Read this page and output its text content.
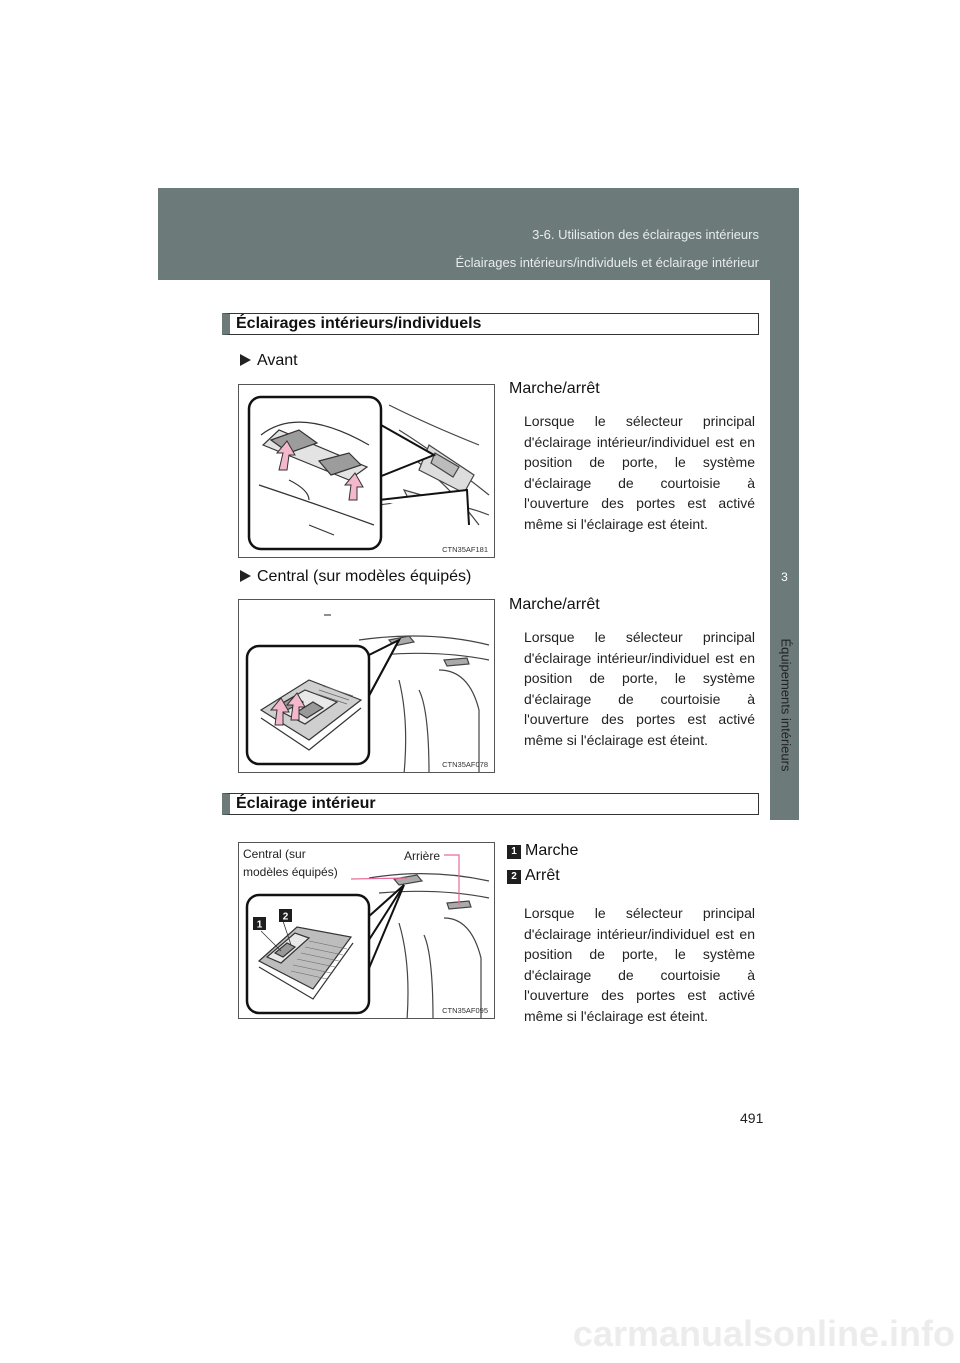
3-6. Utilisation des éclairages intérieurs
Éclairages intérieurs/individuels et éclairage intérieur
3
Équipements intérieurs
Éclairages intérieurs/individuels
Avant
Marche/arrêt
Lorsque le sélecteur principal d'éclairage intérieur/individuel est en position de porte, le système d'éclairage de courtoisie à l'ouverture des portes est activé même si l'éclairage est éteint.
CTN35AF181
Central (sur modèles équipés)
Marche/arrêt
Lorsque le sélecteur principal d'éclairage intérieur/individuel est en position de porte, le système d'éclairage de courtoisie à l'ouverture des portes est activé même si l'éclairage est éteint.
CTN35AF078
Éclairage intérieur
1 Marche
2 Arrêt
Lorsque le sélecteur principal d'éclairage intérieur/individuel est en position de porte, le système d'éclairage de courtoisie à l'ouverture des portes est activé même si l'éclairage est éteint.
1
2
Central (sur
modèles équipés)
Arrière
CTN35AF095
491
carmanualsonline.info
